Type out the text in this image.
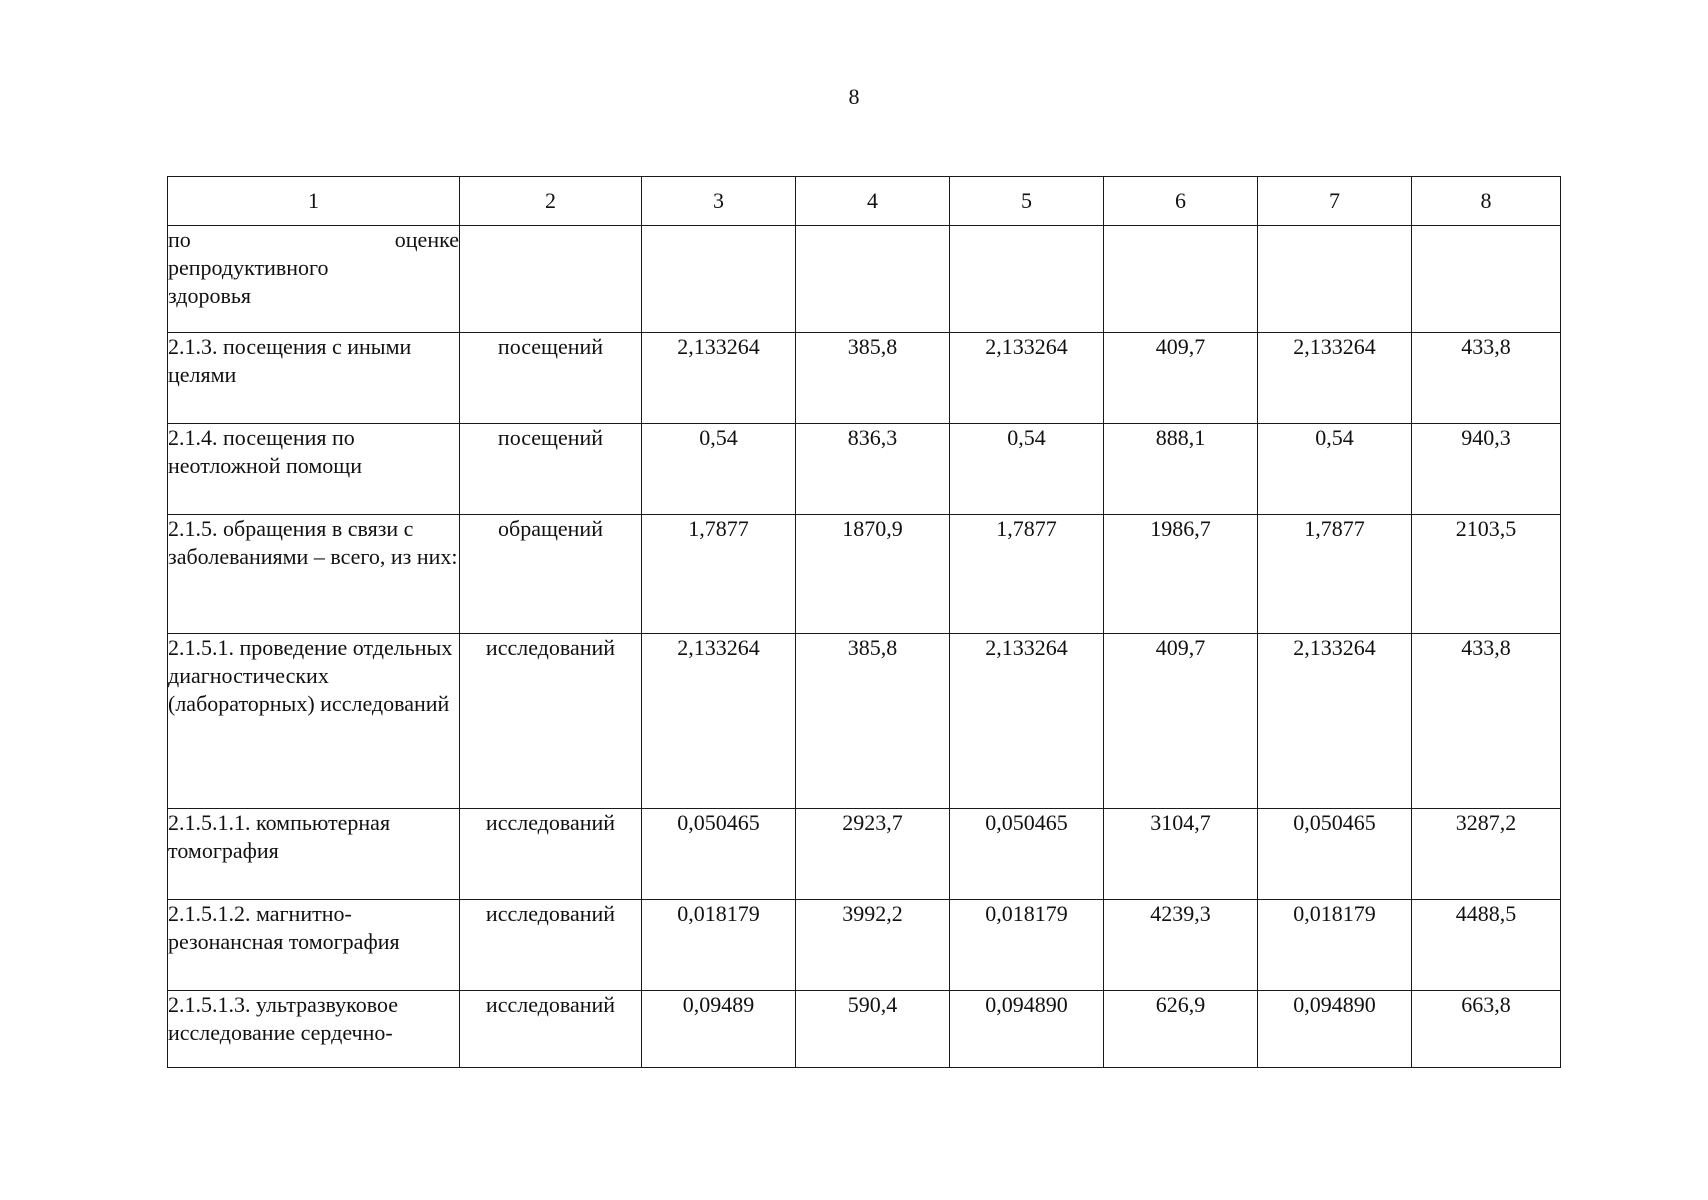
8
1	2	3	4	5	6	7	8

по оценке
репродуктивного
здоровья							

2.1.3. посещения с иными целями	посещений	2,133264	385,8	2,133264	409,7	2,133264	433,8
2.1.4. посещения по неотложной помощи	посещений	0,54	836,3	0,54	888,1	0,54	940,3
2.1.5. обращения в связи с заболеваниями – всего, из них:	обращений	1,7877	1870,9	1,7877	1986,7	1,7877	2103,5
2.1.5.1. проведение отдельных диагностических (лабораторных) исследований	исследований	2,133264	385,8	2,133264	409,7	2,133264	433,8
2.1.5.1.1. компьютерная томография	исследований	0,050465	2923,7	0,050465	3104,7	0,050465	3287,2
2.1.5.1.2. магнитно-резонансная томография	исследований	0,018179	3992,2	0,018179	4239,3	0,018179	4488,5
2.1.5.1.3. ультразвуковое исследование сердечно-	исследований	0,09489	590,4	0,094890	626,9	0,094890	663,8
